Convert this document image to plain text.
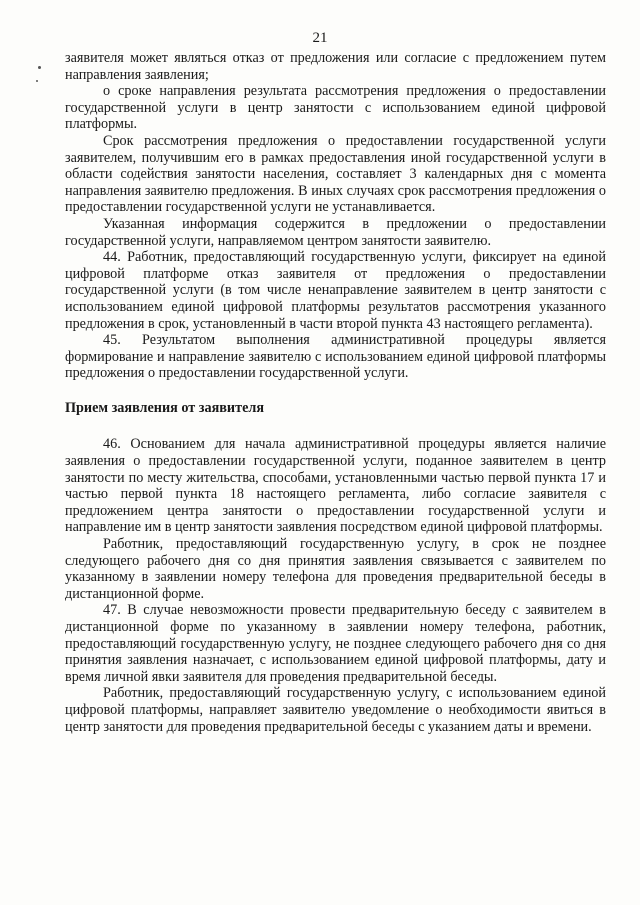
21

заявителя может являться отказ от предложения или согласие с предложением путем направления заявления;

о сроке направления результата рассмотрения предложения о предоставлении государственной услуги в центр занятости с использованием единой цифровой платформы.

Срок рассмотрения предложения о предоставлении государственной услуги заявителем, получившим его в рамках предоставления иной государственной услуги в области содействия занятости населения, составляет 3 календарных дня с момента направления заявителю предложения. В иных случаях срок рассмотрения предложения о предоставлении государственной услуги не устанавливается.

Указанная информация содержится в предложении о предоставлении государственной услуги, направляемом центром занятости заявителю.

44. Работник, предоставляющий государственную услуги, фиксирует на единой цифровой платформе отказ заявителя от предложения о предоставлении государственной услуги (в том числе ненаправление заявителем в центр занятости с использованием единой цифровой платформы результатов рассмотрения указанного предложения в срок, установленный в части второй пункта 43 настоящего регламента).

45. Результатом выполнения административной процедуры является формирование и направление заявителю с использованием единой цифровой платформы предложения о предоставлении государственной услуги.

Прием заявления от заявителя

46. Основанием для начала административной процедуры является наличие заявления о предоставлении государственной услуги, поданное заявителем в центр занятости по месту жительства, способами, установленными частью первой пункта 17 и частью первой пункта 18 настоящего регламента, либо согласие заявителя с предложением центра занятости о предоставлении государственной услуги и направление им в центр занятости заявления посредством единой цифровой платформы.

Работник, предоставляющий государственную услугу, в срок не позднее следующего рабочего дня со дня принятия заявления связывается с заявителем по указанному в заявлении номеру телефона для проведения предварительной беседы в дистанционной форме.

47. В случае невозможности провести предварительную беседу с заявителем в дистанционной форме по указанному в заявлении номеру телефона, работник, предоставляющий государственную услугу, не позднее следующего рабочего дня со дня принятия заявления назначает, с использованием единой цифровой платформы, дату и время личной явки заявителя для проведения предварительной беседы.

Работник, предоставляющий государственную услугу, с использованием единой цифровой платформы, направляет заявителю уведомление о необходимости явиться в центр занятости для проведения предварительной беседы с указанием даты и времени.
